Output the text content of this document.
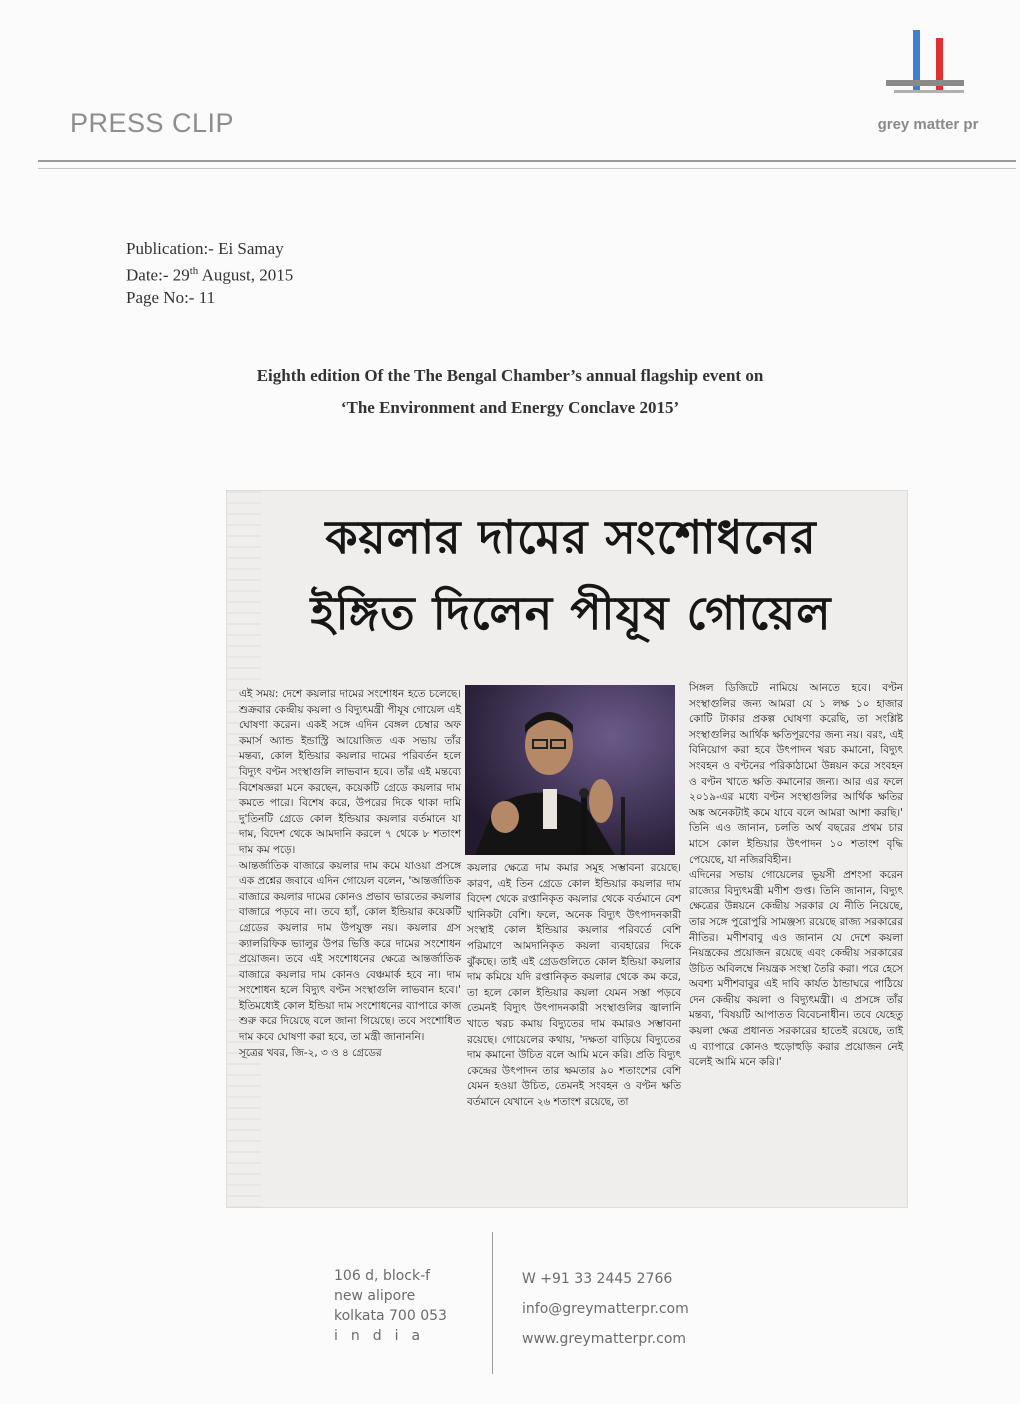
PRESS CLIP	grey matter pr
Publication:- Ei Samay
Date:- 29th August, 2015
Page No:- 11
Eighth edition Of the The Bengal Chamber’s annual flagship event on
‘The Environment and Energy Conclave 2015’
কয়লার দামের সংশোধনের
ইঙ্গিত দিলেন পীযূষ গোয়েল

এই সময়: দেশে কয়লার দামের সংশোধন হতে চলেছে। শুক্রবার কেন্দ্রীয় কয়লা ও বিদ্যুৎমন্ত্রী পীযূষ গোয়েল এই ঘোষণা করেন। একই সঙ্গে এদিন বেঙ্গল চেম্বার অফ কমার্স অ্যান্ড ইন্ডাস্ট্রি আয়োজিত এক সভায় তাঁর মন্তব্য, কোল ইন্ডিয়ার কয়লার দামের পরিবর্তন হলে বিদ্যুৎ বণ্টন সংস্থাগুলি লাভবান হবে। তাঁর এই মন্তব্যে বিশেষজ্ঞরা মনে করছেন, কয়েকটি গ্রেডে কয়লার দাম কমতে পারে। বিশেষ করে, উপরের দিকে থাকা দামি দু'তিনটি গ্রেডে কোল ইন্ডিয়ার কয়লার বর্তমানে যা দাম, বিদেশ থেকে আমদানি করলে ৭ থেকে ৮ শতাংশ দাম কম পড়ে।

আন্তর্জাতিক বাজারে কয়লার দাম কমে যাওয়া প্রসঙ্গে এক প্রশ্নের জবাবে এদিন গোয়েল বলেন, 'আন্তর্জাতিক বাজারে কয়লার দামের কোনও প্রভাব ভারতের কয়লার বাজারে পড়বে না। তবে হ্যাঁ, কোল ইন্ডিয়ার কয়েকটি গ্রেডের কয়লার দাম উপযুক্ত নয়। কয়লার গ্রস ক্যালরিফিক ভ্যালুর উপর ভিত্তি করে দামের সংশোধন প্রয়োজন। তবে এই সংশোধনের ক্ষেত্রে আন্তর্জাতিক বাজারে কয়লার দাম কোনও বেঞ্চমার্ক হবে না। দাম সংশোধন হলে বিদ্যুৎ বণ্টন সংস্থাগুলি লাভবান হবে।' ইতিমধ্যেই কোল ইন্ডিয়া দাম সংশোধনের ব্যাপারে কাজ শুরু করে দিয়েছে বলে জানা গিয়েছে। তবে সংশোধিত দাম কবে ঘোষণা করা হবে, তা মন্ত্রী জানাননি।

সূত্রের খবর, জি-২, ৩ ও ৪ গ্রেডের

কয়লার ক্ষেত্রে দাম কমার সমূহ সম্ভাবনা রয়েছে। কারণ, এই তিন গ্রেডে কোল ইন্ডিয়ার কয়লার দাম বিদেশ থেকে রপ্তানিকৃত কয়লার থেকে বর্তমানে বেশ খানিকটা বেশি। ফলে, অনেক বিদ্যুৎ উৎপাদনকারী সংস্থাই কোল ইন্ডিয়ার কয়লার পরিবর্তে বেশি পরিমাণে আমদানিকৃত কয়লা ব্যবহারের দিকে ঝুঁকছে। তাই এই গ্রেডগুলিতে কোল ইন্ডিয়া কয়লার দাম কমিয়ে যদি রপ্তানিকৃত কয়লার থেকে কম করে, তা হলে কোল ইন্ডিয়ার কয়লা যেমন সস্তা পড়বে তেমনই বিদ্যুৎ উৎপাদনকারী সংস্থাগুলির জ্বালানি খাতে খরচ কমায় বিদ্যুতের দাম কমারও সম্ভাবনা রয়েছে। গোয়েলের কথায়, 'দক্ষতা বাড়িয়ে বিদ্যুতের দাম কমানো উচিত বলে আমি মনে করি। প্রতি বিদ্যুৎ কেন্দ্রের উৎপাদন তার ক্ষমতার ৯০ শতাংশের বেশি যেমন হওয়া উচিত, তেমনই সংবহন ও বণ্টন ক্ষতি বর্তমানে যেখানে ২৬ শতাংশ রয়েছে, তা

সিঙ্গল ডিজিটে নামিয়ে আনতে হবে। বণ্টন সংস্থাগুলির জন্য আমরা যে ১ লক্ষ ১০ হাজার কোটি টাকার প্রকল্প ঘোষণা করেছি, তা সংশ্লিষ্ট সংস্থাগুলির আর্থিক ক্ষতিপূরণের জন্য নয়। বরং, এই বিনিয়োগ করা হবে উৎপাদন খরচ কমানো, বিদ্যুৎ সংবহন ও বণ্টনের পরিকাঠামো উন্নয়ন করে সংবহন ও বণ্টন খাতে ক্ষতি কমানোর জন্য। আর এর ফলে ২০১৯-এর মধ্যে বণ্টন সংস্থাগুলির আর্থিক ক্ষতির অঙ্ক অনেকটাই কমে যাবে বলে আমরা আশা করছি।' তিনি এও জানান, চলতি অর্থ বছরের প্রথম চার মাসে কোল ইন্ডিয়ার উৎপাদন ১০ শতাংশ বৃদ্ধি পেয়েছে, যা নজিরবিহীন।

এদিনের সভায় গোয়েলের ভূয়সী প্রশংসা করেন রাজ্যের বিদ্যুৎমন্ত্রী মণীশ গুপ্ত। তিনি জানান, বিদ্যুৎ ক্ষেত্রের উন্নয়নে কেন্দ্রীয় সরকার যে নীতি নিয়েছে, তার সঙ্গে পুরোপুরি সামঞ্জস্য রয়েছে রাজ্য সরকারের নীতির। মণীশবাবু এও জানান যে দেশে কয়লা নিয়ন্ত্রকের প্রয়োজন রয়েছে এবং কেন্দ্রীয় সরকারের উচিত অবিলম্বে নিয়ন্ত্রক সংস্থা তৈরি করা। পরে হেসে অবশ্য মণীশবাবুর এই দাবি কার্যত ঠান্ডাঘরে পাঠিয়ে দেন কেন্দ্রীয় কয়লা ও বিদ্যুৎমন্ত্রী। এ প্রসঙ্গে তাঁর মন্তব্য, 'বিষয়টি আপাতত বিবেচনাধীন। তবে যেহেতু কয়লা ক্ষেত্র প্রধানত সরকারের হাতেই রয়েছে, তাই এ ব্যাপারে কোনও হুড়োহুড়ি করার প্রয়োজন নেই বলেই আমি মনে করি।'

106 d, block-f
new alipore
kolkata 700 053
india
W +91 33 2445 2766
info@greymatterpr.com
www.greymatterpr.com
